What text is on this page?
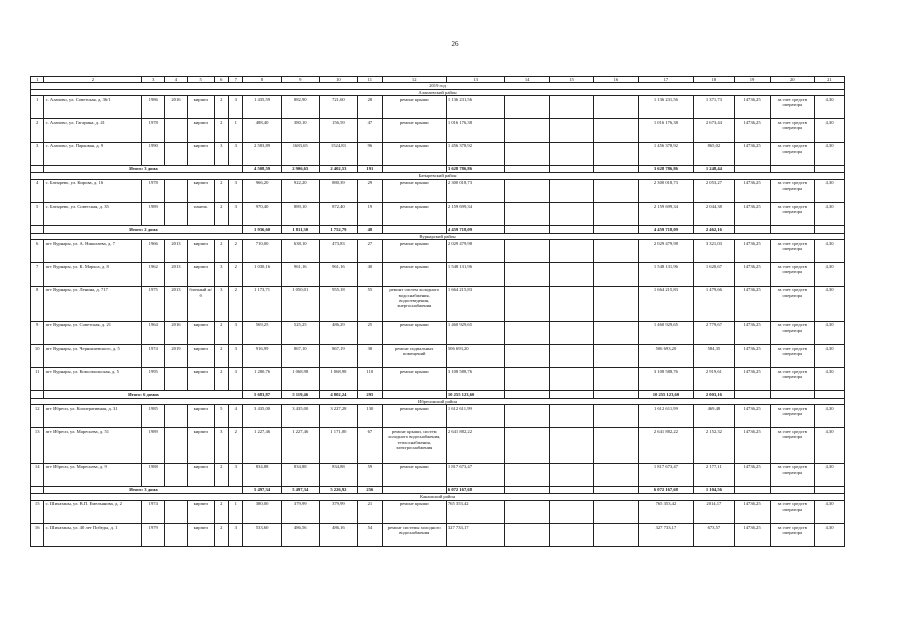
26
1	2	3	4	5	6	7	8	9	10	11	12	13	14	15	16	17	18	19	20	21
2019 год																				
Алапаевский район																				
1	с. Алапово, ул. Советская, д. 36/1	1986	2016	кирпич	2	3	1 435,59	882,90	721,60	28	ремонт крыши	1 136 231,56				1 136 231,56	1 371,73	14736,25	за счет средств оператора	4,30
2	с. Алапово, ул. Гагарина, д. 41	1978		кирпич	2	1	488,40	380,10	156,59	47	ремонт крыши	1 016 176,38				1 016 176,38	2 673,44	14736,25	за счет средств оператора	4,30
3	с. Алапово, ул. Парковая, д. 9	1990		кирпич	3	3	2 583,89	1683,65	1524,83	96	ремонт крыши	1 456 378,92				1 456 378,92	865,02	14736,25	за счет средств оператора	4,30
	Итого: 3 дома						4 508,59	2 906,65	2 402,53	191		3 628 786,86				3 628 786,86	1 248,44			
Батыревский район																				
4	с. Батырево, ул. Кирова, д. 16	1978		кирпич	2	3	966,20	922,20	880,39	29	ремонт крыши	2 300 018,73				2 300 018,73	2 053,27	14736,25	за счет средств оператора	4,30
5	с. Батырево, ул. Советская, д. 35	1989		панель	2	3	970,40	889,10	872,40	19	ремонт крыши	2 159 699,34				2 159 699,34	2 044,38	14736,25	за счет средств оператора	4,30
	Итого: 2 дома						1 936,60	1 811,30	1 752,79	48		4 459 718,09				4 459 718,09	2 462,16			
Вурнарский район																				
6	пгт Вурнары, ул. А. Николаева, д. 7	1966	2013	кирпич	2	2	710,00	638,10	473,83	27	ремонт крыши	2 029 479,98				2 029 479,98	3 321,03	14736,25	за счет средств оператора	4,30
7	пгт Вурнары, ул. К. Маркса, д. 8	1962	2013	кирпич	3	2	1 030,16	961,16	961,16	40	ремонт крыши	1 548 131,96				1 548 131,96	1 620,67	14736,25	за счет средств оператора	4,30
8	пгт Вурнары, ул. Ленина, д. 717	1975	2013	блочный ж/б	3	2	1 173,71	1 050,01	955,18	55	ремонт систем холодного водоснабжения, водоотведения, энергоснабжения	1 664 215,83				1 664 215,83	1 479,66	14736,25	за счет средств оператора	4,30
9	пгт Вурнары, ул. Советская, д. 21	1964	2016	кирпич	2	3	569,25	525,25	486,29	25	ремонт крыши	1 460 929,65				1 460 929,65	2 779,67	14736,25	за счет средств оператора	4,30
10	пгт Вурнары, ул. Чернышевского, д. 5	1974	2019	кирпич	2	3	916,99	867,10	867,19	38	ремонт подвальных помещений	506 693,20				506 693,20	584,35	14736,25	за счет средств оператора	4,30
11	пгт Вурнары, ул. Комсомольская, д. 5	1995		кирпич	2	3	1 280,76	1 068,98	1 068,98	110	ремонт крыши	3 108 588,76				3 108 588,76	2 919,61	14736,25	за счет средств оператора	4,30
	Итого: 6 домов						5 683,87	5 119,46	4 802,24	295		10 255 123,60				10 255 123,60	2 003,16			
Ибресинский район																				
12	пгт Ибреси, ул. Кооперативная, д. 31	1985		кирпич	5	4	3 435,00	3 435,00	3 227,28	130	ремонт крыши	1 612 611,99				1 612 611,99	469,48	14736,25	за счет средств оператора	4,30
13	пгт Ибреси, ул. Маресьева, д. 51	1989		кирпич	3	2	1 227,46	1 227,46	1 171,00	67	ремонт крыши, систем холодного водоснабжения, теплоснабжения, электроснабжения	2 641 882,22				2 641 882,22	2 152,32	14736,25	за счет средств оператора	4,30
14	пгт Ибреси, ул. Маресьева, д. 9	1988		кирпич	2	3	834,88	834,88	834,88	59	ремонт крыши	1 817 673,47				1 817 673,47	2 177,11	14736,25	за счет средств оператора	4,30
	Итого: 3 дома						5 497,34	5 497,34	5 226,92	256		6 072 167,68				6 072 167,68	1 104,56			
Канашский район																				
15	с. Шихазаны, ул. В.П. Емельянова, д. 2	1974		кирпич	2	1	380,00	379,99	379,99	21	ремонт крыши	765 353,42				765 353,42	2014,17	14736,25	за счет средств оператора	4,30
16	с. Шихазаны, ул. 40 лет Победы, д. 1	1979		кирпич	2	3	533,60	486,56	486,16	54	ремонт системы холодного водоснабжения	327 733,17				327 733,17	673,57	14736,25	за счет средств оператора	4,30
